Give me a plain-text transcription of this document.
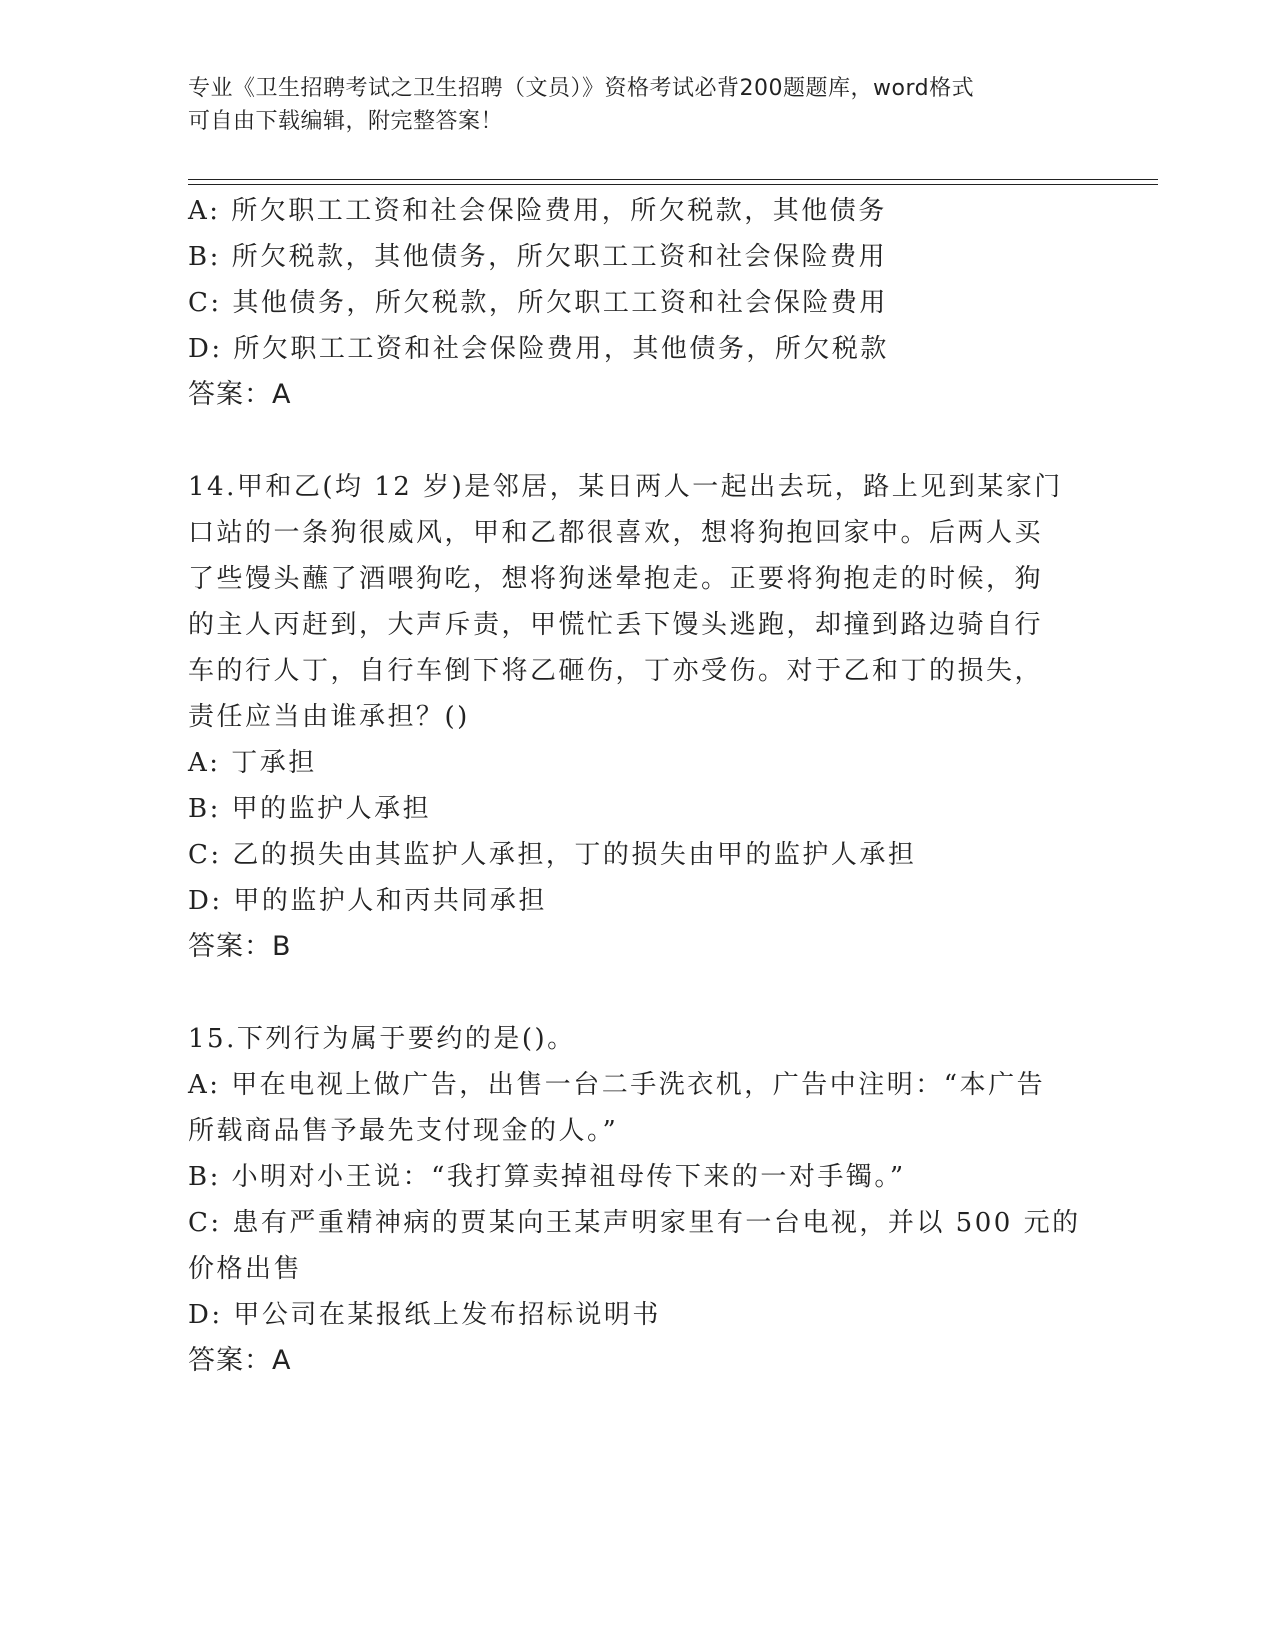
专业《卫生招聘考试之卫生招聘（文员）》资格考试必背200题题库，word格式
可自由下载编辑，附完整答案！
A: 所欠职工工资和社会保险费用，所欠税款，其他债务
B: 所欠税款，其他债务，所欠职工工资和社会保险费用
C: 其他债务，所欠税款，所欠职工工资和社会保险费用
D: 所欠职工工资和社会保险费用，其他债务，所欠税款
答案：A
14.甲和乙(均 12 岁)是邻居，某日两人一起出去玩，路上见到某家门
口站的一条狗很威风，甲和乙都很喜欢，想将狗抱回家中。后两人买
了些馒头蘸了酒喂狗吃，想将狗迷晕抱走。正要将狗抱走的时候，狗
的主人丙赶到，大声斥责，甲慌忙丢下馒头逃跑，却撞到路边骑自行
车的行人丁，自行车倒下将乙砸伤，丁亦受伤。对于乙和丁的损失，
责任应当由谁承担？()
A: 丁承担
B: 甲的监护人承担
C: 乙的损失由其监护人承担，丁的损失由甲的监护人承担
D: 甲的监护人和丙共同承担
答案：B
15.下列行为属于要约的是()。
A: 甲在电视上做广告，出售一台二手洗衣机，广告中注明：“本广告
所载商品售予最先支付现金的人。”
B: 小明对小王说：“我打算卖掉祖母传下来的一对手镯。”
C: 患有严重精神病的贾某向王某声明家里有一台电视，并以 500 元的
价格出售
D: 甲公司在某报纸上发布招标说明书
答案：A
